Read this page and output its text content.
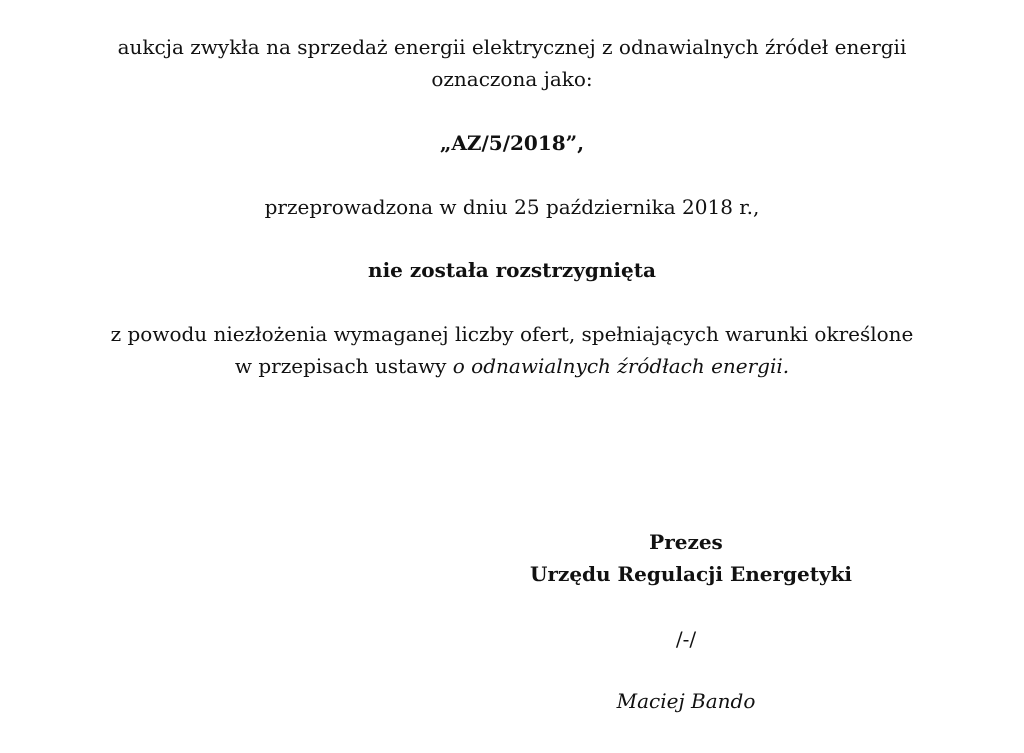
aukcja zwykła na sprzedaż energii elektrycznej z odnawialnych źródeł energii
oznaczona jako:
„AZ/5/2018”,
przeprowadzona w dniu 25 października 2018 r.,
nie została rozstrzygnięta
z powodu niezłożenia wymaganej liczby ofert, spełniających warunki określone
w przepisach ustawy o odnawialnych źródłach energii.
Prezes
Urzędu Regulacji Energetyki
/-/
Maciej Bando
